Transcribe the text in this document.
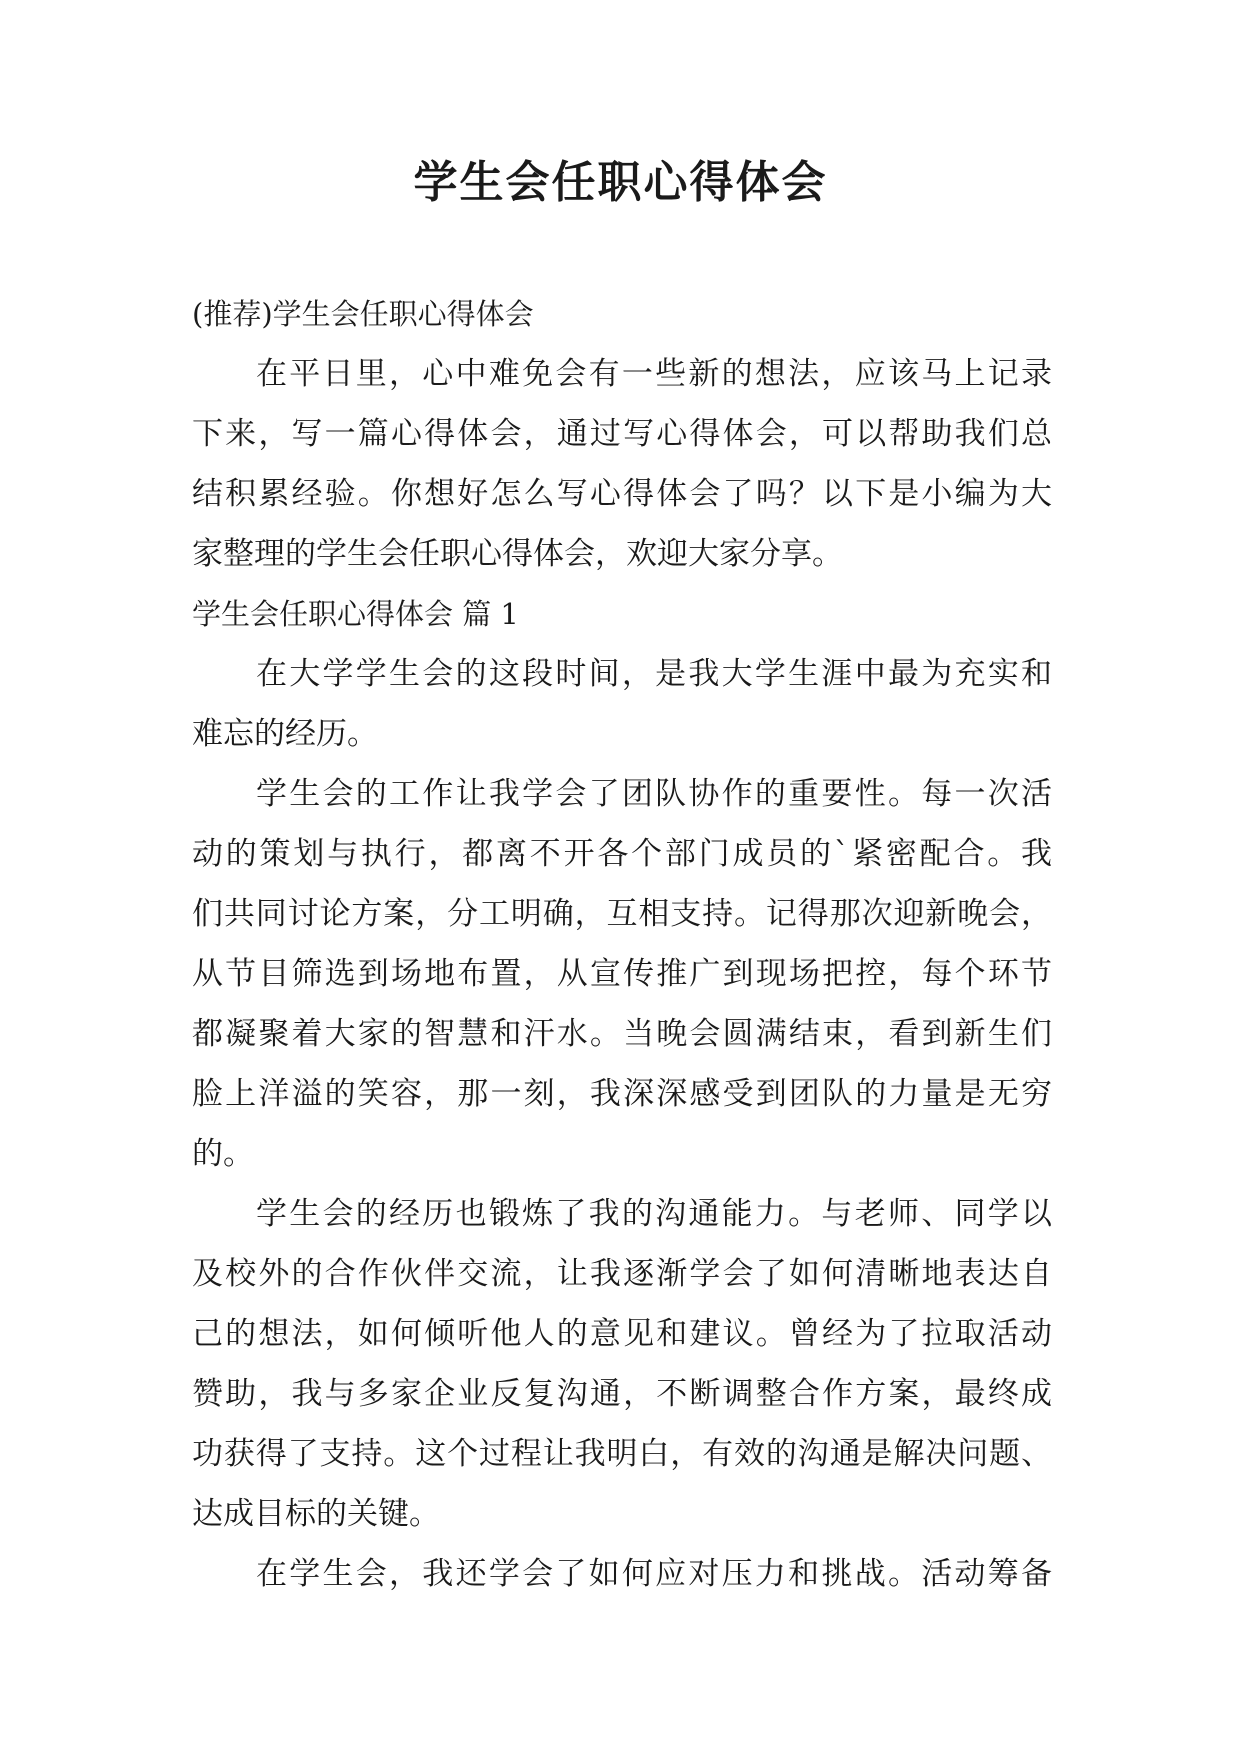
学生会任职心得体会
(推荐)学生会任职心得体会
在平日里，心中难免会有一些新的想法，应该马上记录
下来，写一篇心得体会，通过写心得体会，可以帮助我们总
结积累经验。你想好怎么写心得体会了吗？以下是小编为大
家整理的学生会任职心得体会，欢迎大家分享。
学生会任职心得体会 篇 1
在大学学生会的这段时间，是我大学生涯中最为充实和
难忘的经历。
学生会的工作让我学会了团队协作的重要性。每一次活
动的策划与执行，都离不开各个部门成员的`紧密配合。我
们共同讨论方案，分工明确，互相支持。记得那次迎新晚会，
从节目筛选到场地布置，从宣传推广到现场把控，每个环节
都凝聚着大家的智慧和汗水。当晚会圆满结束，看到新生们
脸上洋溢的笑容，那一刻，我深深感受到团队的力量是无穷
的。
学生会的经历也锻炼了我的沟通能力。与老师、同学以
及校外的合作伙伴交流，让我逐渐学会了如何清晰地表达自
己的想法，如何倾听他人的意见和建议。曾经为了拉取活动
赞助，我与多家企业反复沟通，不断调整合作方案，最终成
功获得了支持。这个过程让我明白，有效的沟通是解决问题、
达成目标的关键。
在学生会，我还学会了如何应对压力和挑战。活动筹备
